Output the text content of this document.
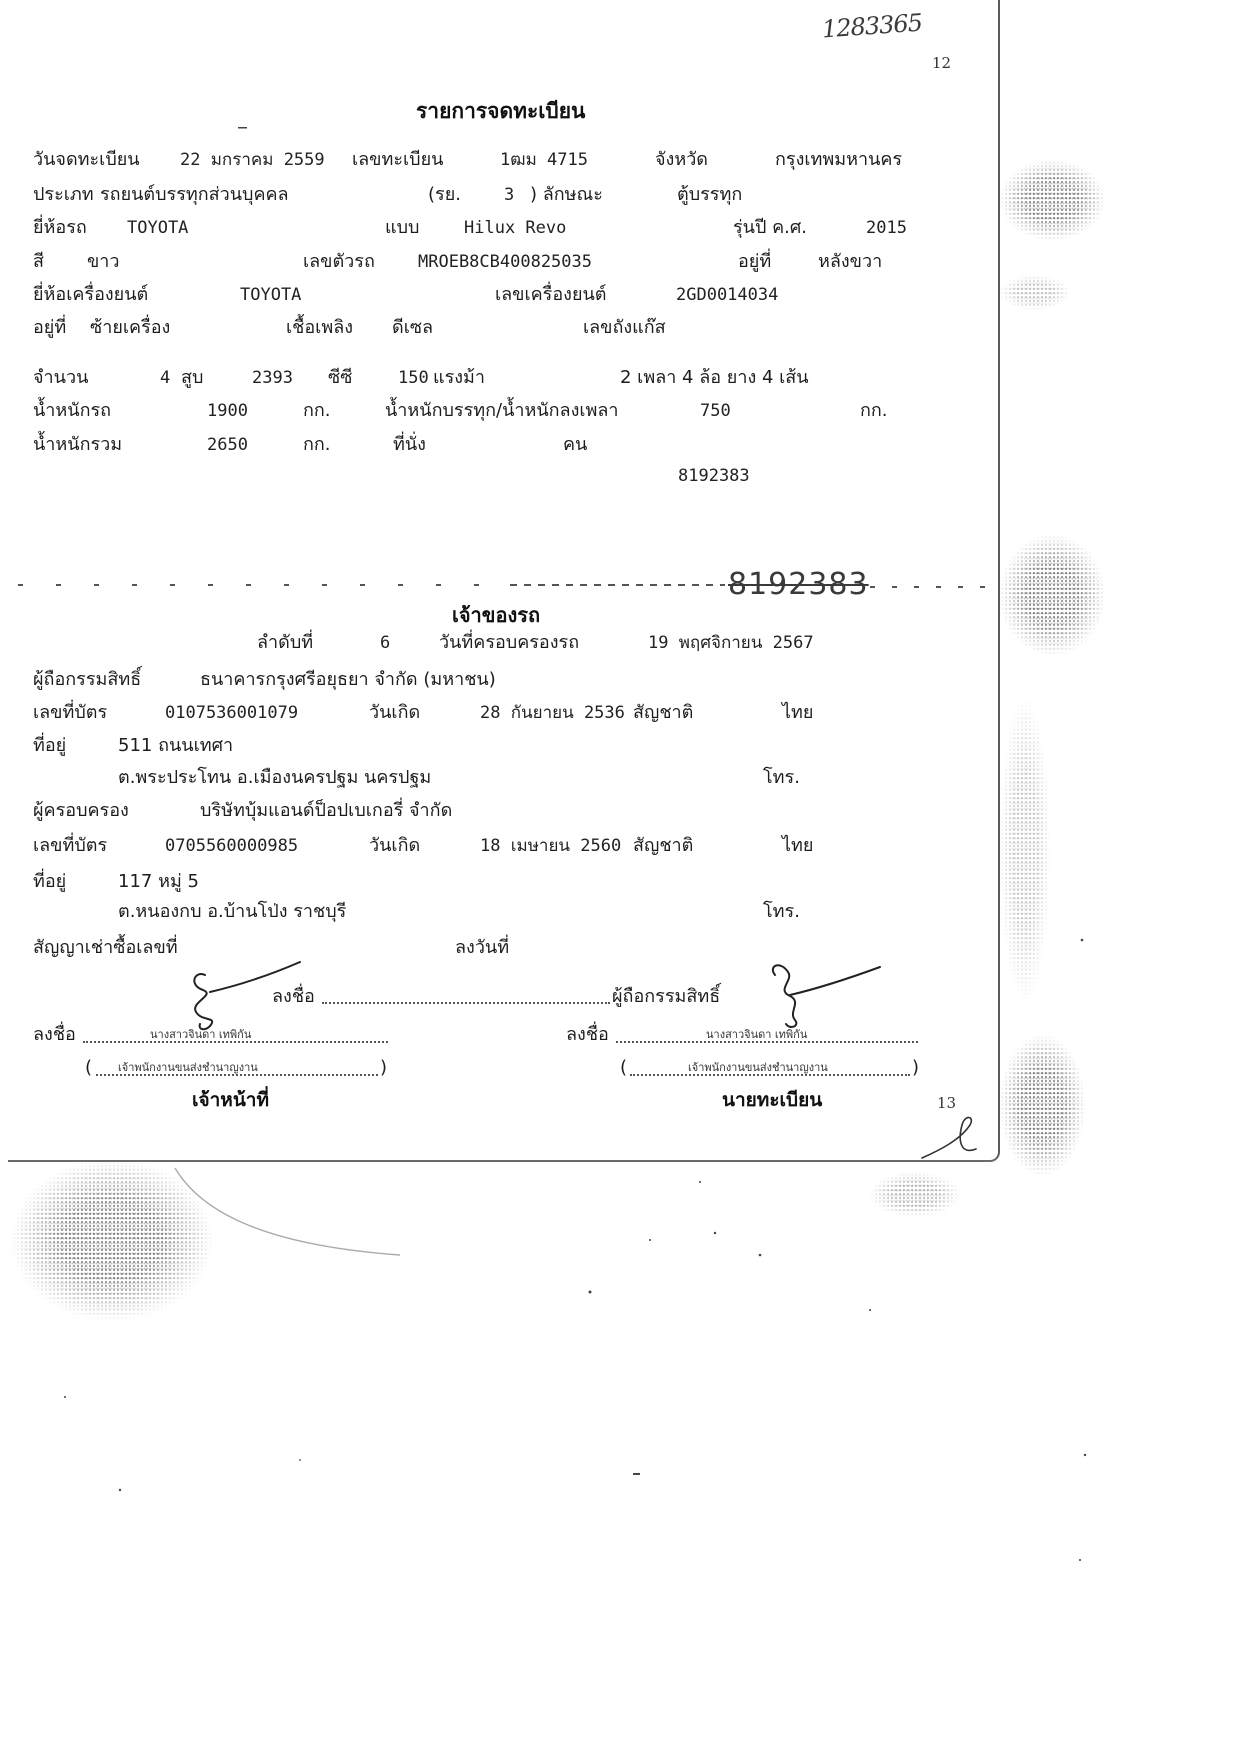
1283365
12
รายการจดทะเบียน
วันจดทะเบียน 22 มกราคม 2559 เลขทะเบียน	1ฒม 4715	จังหวัด	กรุงเทพมหานคร
ประเภท รถยนต์บรรทุกส่วนบุคคล	(รย.	3 ) ลักษณะ	ตู้บรรทุก
ยี่ห้อรถ TOYOTA	แบบ	Hilux Revo	รุ่นปี ค.ศ.	2015
สี ขาว	เลขตัวรถ	MROEB8CB400825035	อยู่ที่	หลังขวา
ยี่ห้อเครื่องยนต์	TOYOTA	เลขเครื่องยนต์	2GD0014034
อยู่ที่ ซ้ายเครื่อง	เชื้อเพลิง ดีเซล	เลขถังแก๊ส
จำนวน	4 สูบ	2393 ซีซี	150 แรงม้า	2 เพลา 4 ล้อ ยาง 4 เส้น
น้ำหนักรถ	1900	กก.	น้ำหนักบรรทุก/น้ำหนักลงเพลา	750	กก.
น้ำหนักรวม	2650	กก.	ที่นั่ง	คน
8192383
8192383
เจ้าของรถ
ลำดับที่	6	วันที่ครอบครองรถ	19 พฤศจิกายน 2567
ผู้ถือกรรมสิทธิ์	ธนาคารกรุงศรีอยุธยา จำกัด (มหาชน)
เลขที่บัตร	0107536001079	วันเกิด	28 กันยายน 2536 สัญชาติ	ไทย
ที่อยู่	511 ถนนเทศา
ต.พระประโทน อ.เมืองนครปฐม นครปฐม	โทร.
ผู้ครอบครอง	บริษัทบุ้มแอนด์ป็อปเบเกอรี่ จำกัด
เลขที่บัตร	0705560000985	วันเกิด	18 เมษายน 2560 สัญชาติ	ไทย
ที่อยู่	117 หมู่ 5
ต.หนองกบ อ.บ้านโป่ง ราชบุรี	โทร.
สัญญาเช่าซื้อเลขที่	ลงวันที่
ลงชื่อ	ผู้ถือกรรมสิทธิ์
ลงชื่อ	นางสาวจินดา เทพิกัน	ลงชื่อ	นางสาวจินดา เทพิกัน
( เจ้าพนักงานขนส่งชำนาญงาน	)	(	เจ้าพนักงานขนส่งชำนาญงาน	)
เจ้าหน้าที่	นายทะเบียน	13
